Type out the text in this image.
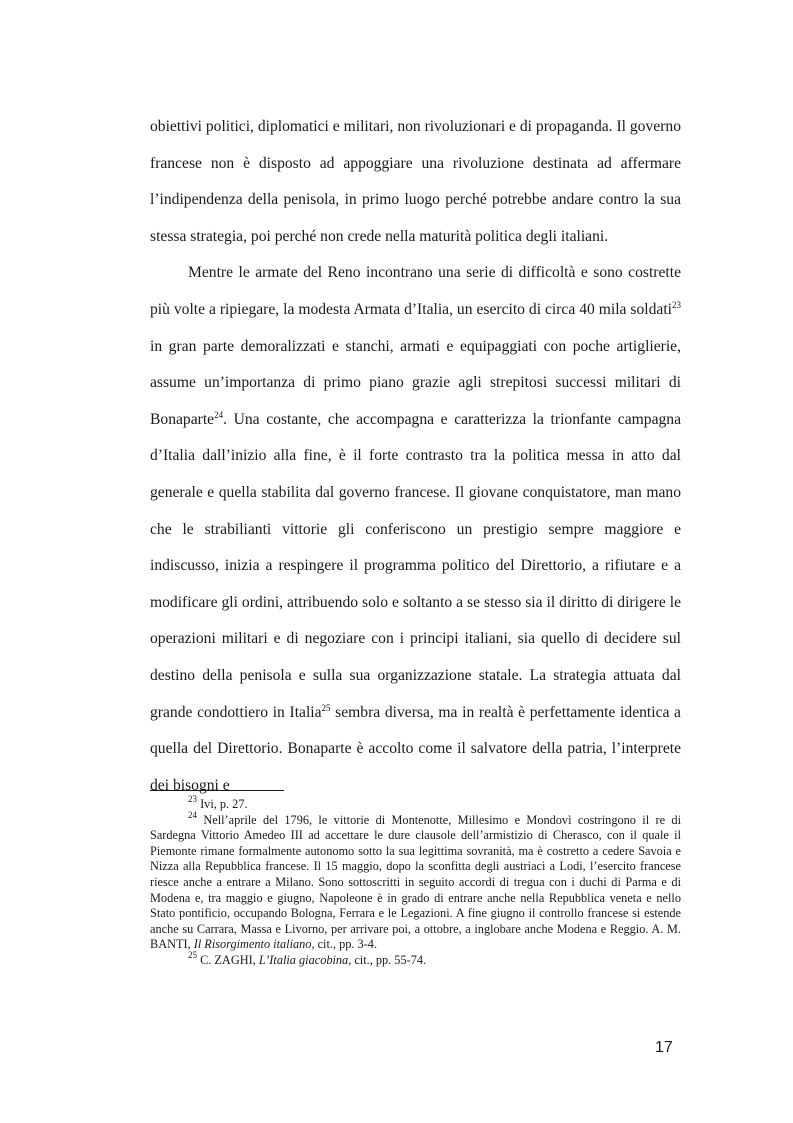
obiettivi politici, diplomatici e militari, non rivoluzionari e di propaganda. Il governo francese non è disposto ad appoggiare una rivoluzione destinata ad affermare l’indipendenza della penisola, in primo luogo perché potrebbe andare contro la sua stessa strategia, poi perché non crede nella maturità politica degli italiani.

Mentre le armate del Reno incontrano una serie di difficoltà e sono costrette più volte a ripiegare, la modesta Armata d’Italia, un esercito di circa 40 mila soldati$^{23}$ in gran parte demoralizzati e stanchi, armati e equipaggiati con poche artiglierie, assume un’importanza di primo piano grazie agli strepitosi successi militari di Bonaparte$^{24}$. Una costante, che accompagna e caratterizza la trionfante campagna d’Italia dall’inizio alla fine, è il forte contrasto tra la politica messa in atto dal generale e quella stabilita dal governo francese. Il giovane conquistatore, man mano che le strabilianti vittorie gli conferiscono un prestigio sempre maggiore e indiscusso, inizia a respingere il programma politico del Direttorio, a rifiutare e a modificare gli ordini, attribuendo solo e soltanto a se stesso sia il diritto di dirigere le operazioni militari e di negoziare con i principi italiani, sia quello di decidere sul destino della penisola e sulla sua organizzazione statale. La strategia attuata dal grande condottiero in Italia$^{25}$ sembra diversa, ma in realtà è perfettamente identica a quella del Direttorio. Bonaparte è accolto come il salvatore della patria, l’interprete dei bisogni e

$^{23}$ Ivi, p. 27.

$^{24}$ Nell’aprile del 1796, le vittorie di Montenotte, Millesimo e Mondovì costringono il re di Sardegna Vittorio Amedeo III ad accettare le dure clausole dell’armistizio di Cherasco, con il quale il Piemonte rimane formalmente autonomo sotto la sua legittima sovranità, ma è costretto a cedere Savoia e Nizza alla Repubblica francese. Il 15 maggio, dopo la sconfitta degli austriaci a Lodi, l’esercito francese riesce anche a entrare a Milano. Sono sottoscritti in seguito accordi di tregua con i duchi di Parma e di Modena e, tra maggio e giugno, Napoleone è in grado di entrare anche nella Repubblica veneta e nello Stato pontificio, occupando Bologna, Ferrara e le Legazioni. A fine giugno il controllo francese si estende anche su Carrara, Massa e Livorno, per arrivare poi, a ottobre, a inglobare anche Modena e Reggio. A. M. BANTI, Il Risorgimento italiano, cit., pp. 3-4.

$^{25}$ C. ZAGHI, L’Italia giacobina, cit., pp. 55-74.

17
